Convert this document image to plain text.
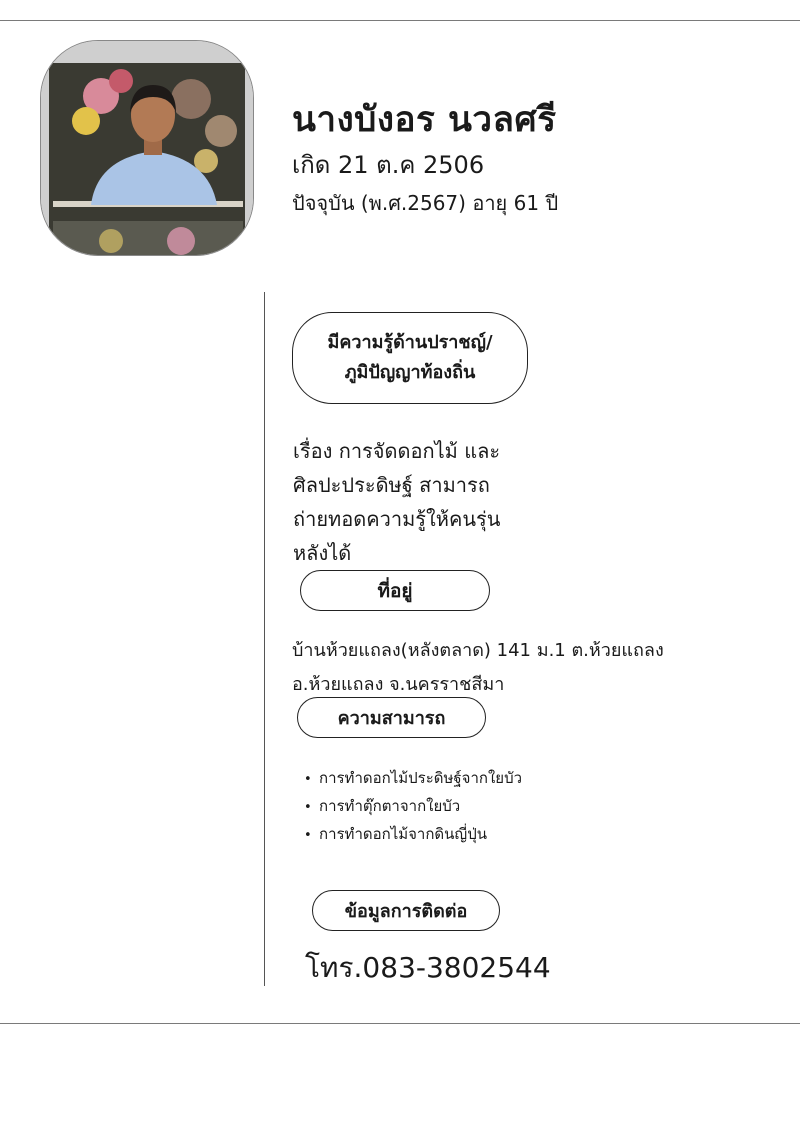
นางบังอร นวลศรี
เกิด 21 ต.ค 2506
ปัจจุบัน (พ.ศ.2567) อายุ 61 ปี
มีความรู้ด้านปราชญ์/
ภูมิปัญญาท้องถิ่น
เรื่อง การจัดดอกไม้ และ
ศิลปะประดิษฐ์ สามารถ
ถ่ายทอดความรู้ให้คนรุ่น
หลังได้
ที่อยู่
บ้านห้วยแถลง(หลังตลาด) 141 ม.1 ต.ห้วยแถลง
อ.ห้วยแถลง จ.นครราชสีมา
ความสามารถ
• การทำดอกไม้ประดิษฐ์จากใยบัว
• การทำตุ๊กตาจากใยบัว
• การทำดอกไม้จากดินญี่ปุ่น
ข้อมูลการติดต่อ
โทร.083-3802544
